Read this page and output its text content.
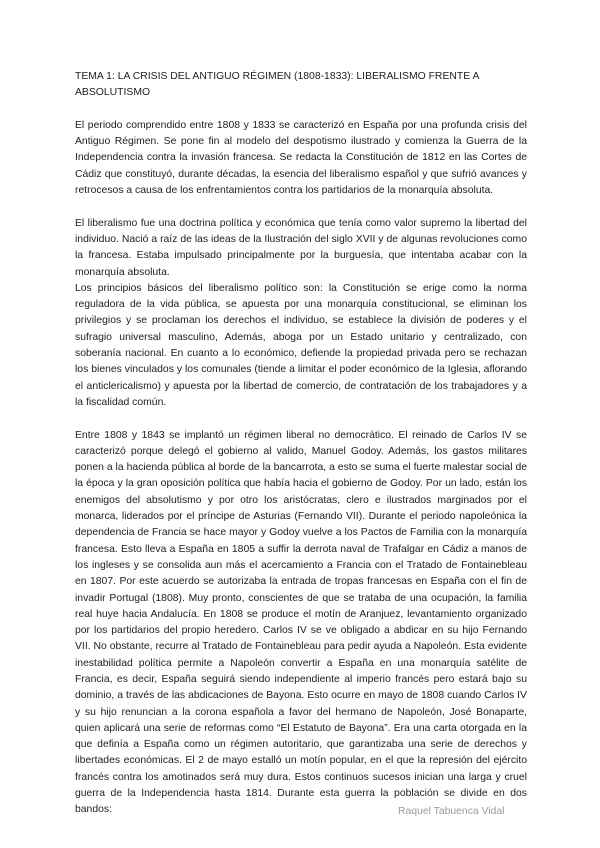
TEMA 1: LA CRISIS DEL ANTIGUO RÉGIMEN (1808-1833): LIBERALISMO FRENTE A ABSOLUTISMO

El periodo comprendido entre 1808 y 1833 se caracterizó en España por una profunda crisis del Antiguo Régimen. Se pone fin al modelo del despotismo ilustrado y comienza la Guerra de la Independencia contra la invasión francesa. Se redacta la Constitución de 1812 en las Cortes de Cádiz que constituyó, durante décadas, la esencia del liberalismo español y que sufrió avances y retrocesos a causa de los enfrentamientos contra los partidarios de la monarquía absoluta.

El liberalismo fue una doctrina política y económica que tenía como valor supremo la libertad del individuo. Nació a raíz de las ideas de la Ilustración del siglo XVII y de algunas revoluciones como la francesa. Estaba impulsado principalmente por la burguesía, que intentaba acabar con la monarquía absoluta.

Los principios básicos del liberalismo político son: la Constitución se erige como la norma reguladora de la vida pública, se apuesta por una monarquía constitucional, se eliminan los privilegios y se proclaman los derechos el individuo, se establece la división de poderes y el sufragio universal masculino, Además, aboga por un Estado unitario y centralizado, con soberanía nacional. En cuanto a lo económico, defiende la propiedad privada pero se rechazan los bienes vinculados y los comunales (tiende a limitar el poder económico de la Iglesia, aflorando el anticlericalismo) y apuesta por la libertad de comercio, de contratación de los trabajadores y a la fiscalidad común.

Entre 1808 y 1843 se implantó un régimen liberal no democrático. El reinado de Carlos IV se caracterizó porque delegó el gobierno al valido, Manuel Godoy. Además, los gastos militares ponen a la hacienda pública al borde de la bancarrota, a esto se suma el fuerte malestar social de la época y la gran oposición política que había hacia el gobierno de Godoy. Por un lado, están los enemigos del absolutismo y por otro los aristócratas, clero e ilustrados marginados por el monarca, liderados por el príncipe de Asturias (Fernando VII). Durante el periodo napoleónica la dependencia de Francia se hace mayor y Godoy vuelve a los Pactos de Familia con la monarquía francesa. Esto lleva a España en 1805 a suffir la derrota naval de Trafalgar en Cádiz a manos de los ingleses y se consolida aun más el acercamiento a Francia con el Tratado de Fontainebleau en 1807. Por este acuerdo se autorizaba la entrada de tropas francesas en España con el fin de invadir Portugal (1808). Muy pronto, conscientes de que se trataba de una ocupación, la familia real huye hacia Andalucía. En 1808 se produce el motín de Aranjuez, levantamiento organizado por los partidarios del propio heredero. Carlos IV se ve obligado a abdicar en su hijo Fernando VII. No obstante, recurre al Tratado de Fontainebleau para pedir ayuda a Napoleón. Esta evidente inestabilidad política permite a Napoleón convertir a España en una monarquía satélite de Francia, es decir, España seguirá siendo independiente al imperio francés pero estará bajo su dominio, a través de las abdicaciones de Bayona. Esto ocurre en mayo de 1808 cuando Carlos IV y su hijo renuncian a la corona española a favor del hermano de Napoleón, José Bonaparte, quien aplicará una serie de reformas como “El Estatuto de Bayona”. Era una carta otorgada en la que definía a España como un régimen autoritario, que garantizaba una serie de derechos y libertades económicas. El 2 de mayo estalló un motín popular, en el que la represión del ejército francés contra los amotinados será muy dura. Estos continuos sucesos inician una larga y cruel guerra de la Independencia hasta 1814. Durante esta guerra la población se divide en dos bandos:	Raquel Tabuenca Vidal
